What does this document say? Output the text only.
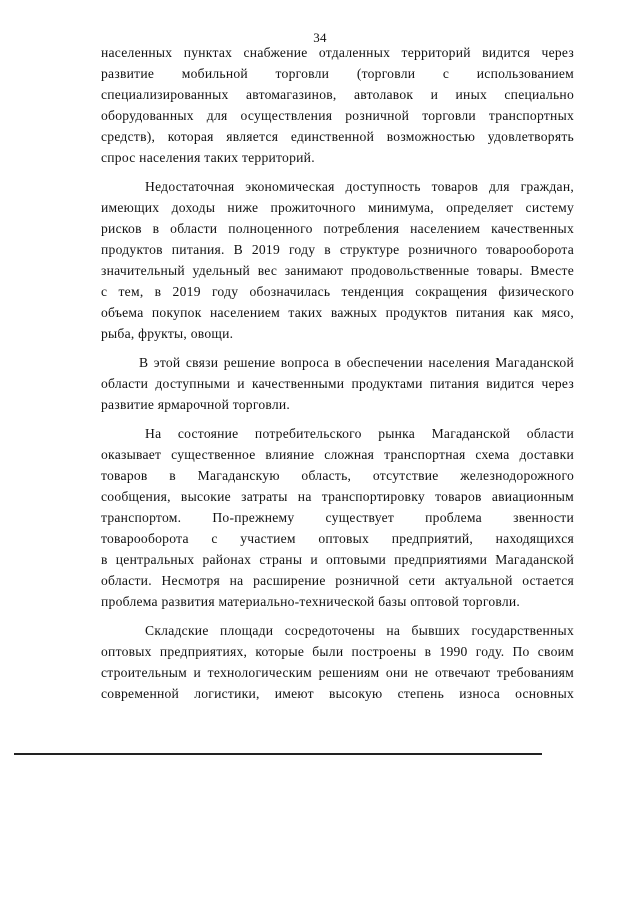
34
населенных пунктах снабжение отдаленных территорий видится через
развитие мобильной торговли (торговли с использованием
специализированных автомагазинов, автолавок и иных специально
оборудованных для осуществления розничной торговли транспортных
средств), которая является единственной возможностью удовлетворять
спрос населения таких территорий.
Недостаточная экономическая доступность товаров для граждан,
имеющих доходы ниже прожиточного минимума, определяет систему
рисков в области полноценного потребления населением качественных
продуктов питания. В 2019 году в структуре розничного товарооборота
значительный удельный вес занимают продовольственные товары. Вместе
с тем, в 2019 году обозначилась тенденция сокращения физического
объема покупок населением таких важных продуктов питания как мясо,
рыба, фрукты, овощи.
В этой связи решение вопроса в обеспечении населения Магаданской
области доступными и качественными продуктами питания видится через
развитие ярмарочной торговли.
На состояние потребительского рынка Магаданской области
оказывает существенное влияние сложная транспортная схема доставки
товаров в Магаданскую область, отсутствие железнодорожного
сообщения, высокие затраты на транспортировку товаров авиационным
транспортом. По-прежнему существует проблема звенности
товарооборота с участием оптовых предприятий, находящихся
в центральных районах страны и оптовыми предприятиями Магаданской
области. Несмотря на расширение розничной сети актуальной остается
проблема развития материально-технической базы оптовой торговли.
Складские площади сосредоточены на бывших государственных
оптовых предприятиях, которые были построены в 1990 году. По своим
строительным и технологическим решениям они не отвечают требованиям
современной логистики, имеют высокую степень износа основных
